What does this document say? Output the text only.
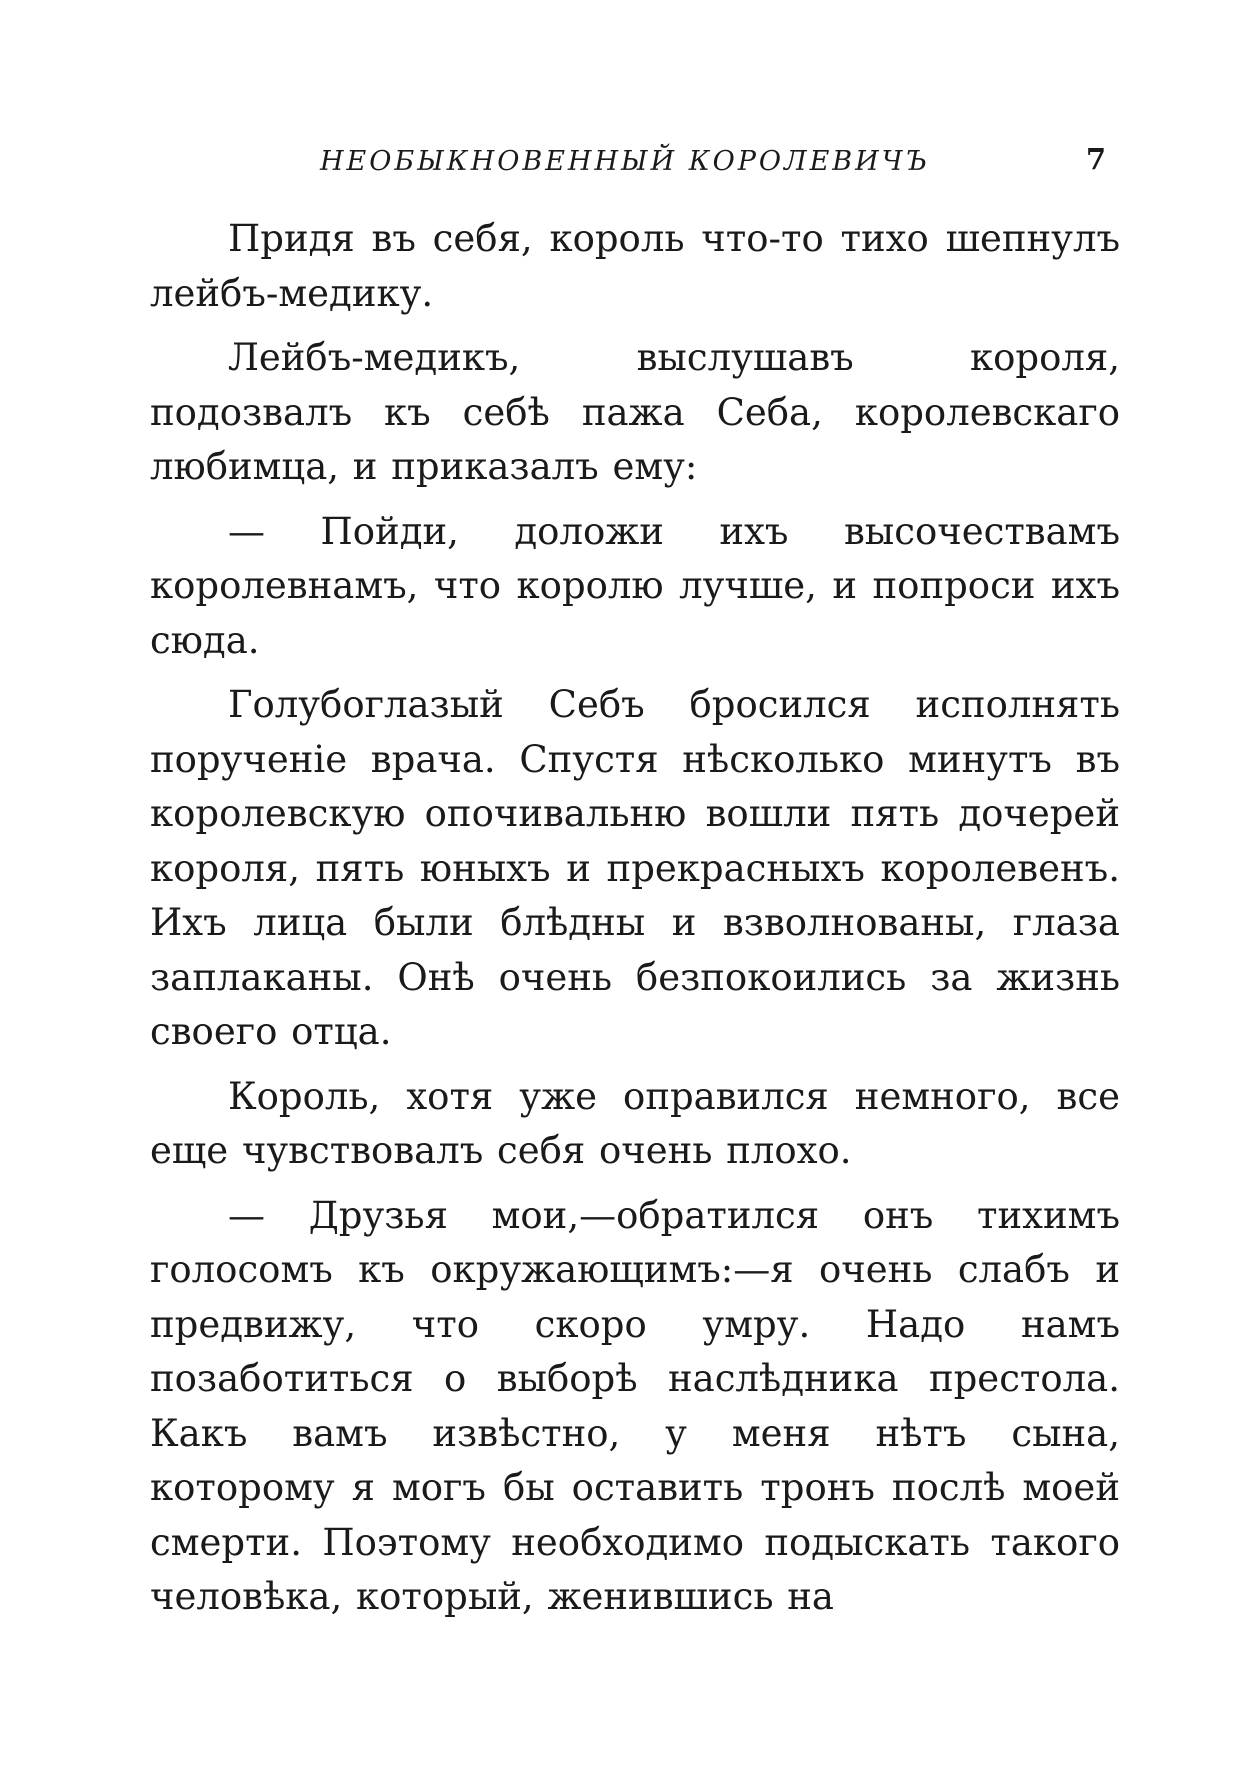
НЕОБЫКНОВЕННЫЙ КОРОЛЕВИЧЪ	7

Придя въ себя, король что-то тихо шепнулъ лейбъ-медику.

Лейбъ-медикъ, выслушавъ короля, подозвалъ къ себѣ пажа Себа, королевскаго любимца, и приказалъ ему:

— Пойди, доложи ихъ высочествамъ королевнамъ, что королю лучше, и попроси ихъ сюда.

Голубоглазый Себъ бросился исполнять порученіе врача. Спустя нѣсколько минутъ въ королевскую опочивальню вошли пять дочерей короля, пять юныхъ и прекрасныхъ королевенъ. Ихъ лица были блѣдны и взволнованы, глаза заплаканы. Онѣ очень безпокоились за жизнь своего отца.

Король, хотя уже оправился немного, все еще чувствовалъ себя очень плохо.

— Друзья мои,—обратился онъ тихимъ голосомъ къ окружающимъ:—я очень слабъ и предвижу, что скоро умру. Надо намъ позаботиться о выборѣ наслѣдника престола. Какъ вамъ извѣстно, у меня нѣтъ сына, которому я могъ бы оставить тронъ послѣ моей смерти. Поэтому необходимо подыскать такого человѣка, который, женившись на
